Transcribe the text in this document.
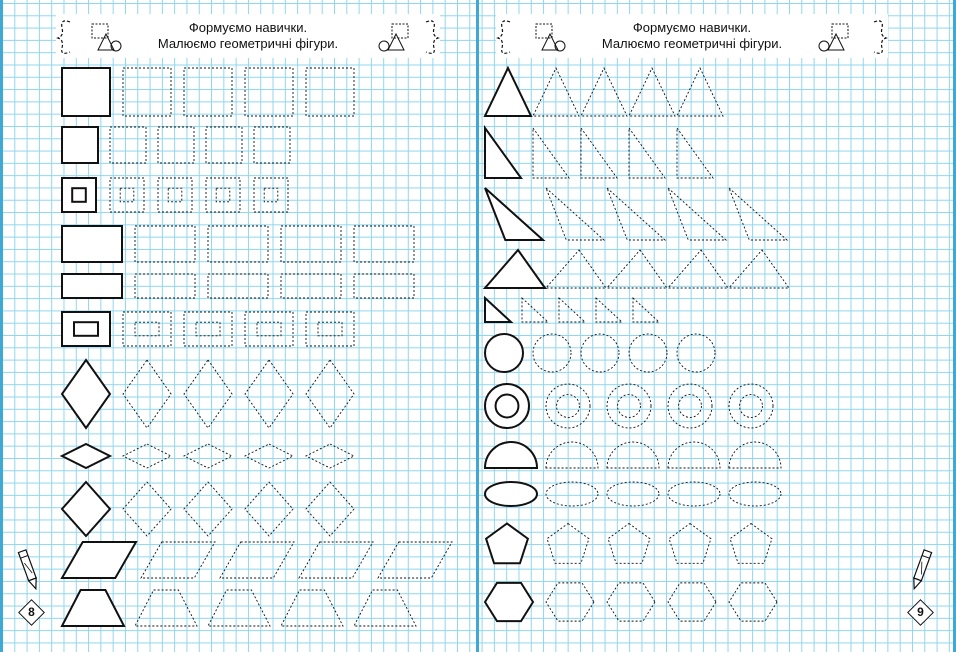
Формуємо навички.
Малюємо геометричні фігури.
8
Формуємо навички.
Малюємо геометричні фігури.
9
